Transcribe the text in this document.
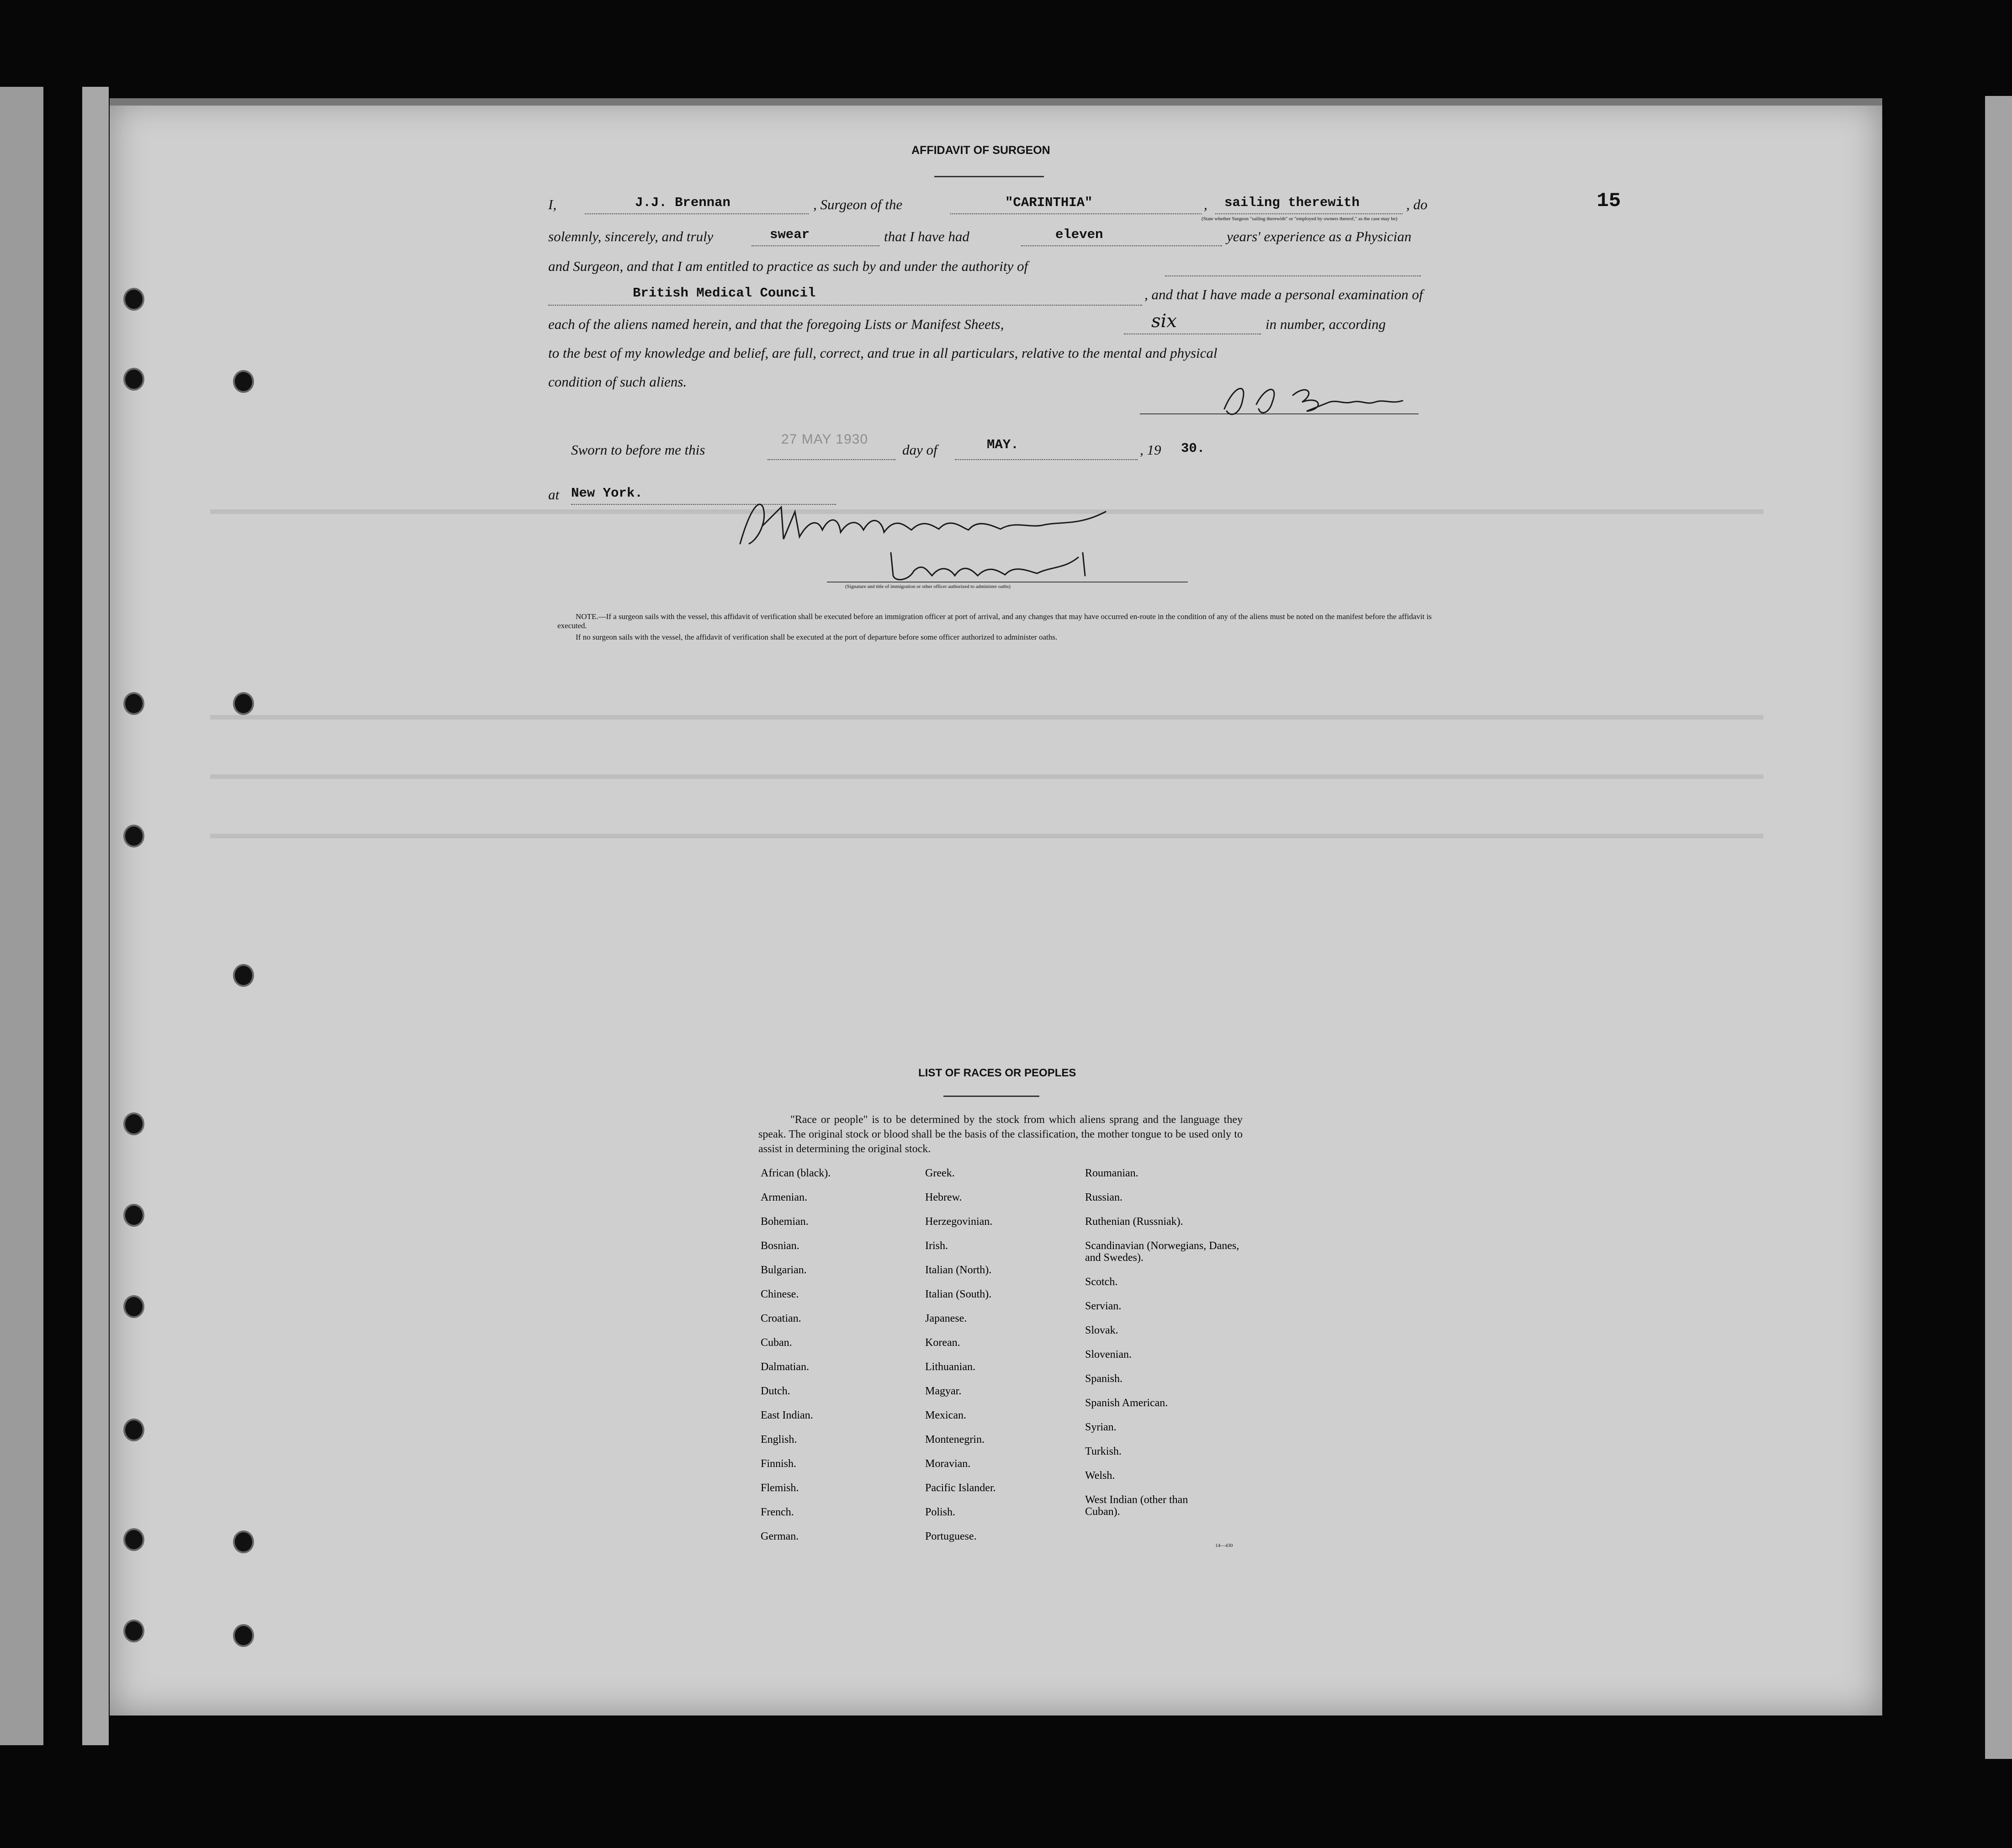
15
AFFIDAVIT OF SURGEON
I,	J.J. Brennan	, Surgeon of the	"CARINTHIA"	, sailing therewith	, do
(State whether Surgeon "sailing therewith" or "employed by owners thereof," as the case may be)
solemnly, sincerely, and truly	swear	that I have had	eleven	years' experience as a Physician
and Surgeon, and that I am entitled to practice as such by and under the authority of
British Medical Council	, and that I have made a personal examination of
each of the aliens named herein, and that the foregoing Lists or Manifest Sheets,	six	in number, according
to the best of my knowledge and belief, are full, correct, and true in all particulars, relative to the mental and physical
condition of such aliens.
Sworn to before me this
27 MAY 1930
day of	MAY.	, 19 30.
at New York.
(Signature and title of immigration or other officer authorized to administer oaths)
NOTE.—If a surgeon sails with the vessel, this affidavit of verification shall be executed before an immigration officer at port of arrival, and any changes that may have occurred en-route in the condition of any of the aliens must be noted on the manifest before the affidavit is executed.
If no surgeon sails with the vessel, the affidavit of verification shall be executed at the port of departure before some officer authorized to administer oaths.
LIST OF RACES OR PEOPLES
"Race or people" is to be determined by the stock from which aliens sprang and the language they speak. The original stock or blood shall be the basis of the classification, the mother tongue to be used only to assist in determining the original stock.
African (black).
Armenian.
Bohemian.
Bosnian.
Bulgarian.
Chinese.
Croatian.
Cuban.
Dalmatian.
Dutch.
East Indian.
English.
Finnish.
Flemish.
French.
German.
Greek.
Hebrew.
Herzegovinian.
Irish.
Italian (North).
Italian (South).
Japanese.
Korean.
Lithuanian.
Magyar.
Mexican.
Montenegrin.
Moravian.
Pacific Islander.
Polish.
Portuguese.
Roumanian.
Russian.
Ruthenian (Russniak).
Scandinavian (Norwegians, Danes, and Swedes).
Scotch.
Servian.
Slovak.
Slovenian.
Spanish.
Spanish American.
Syrian.
Turkish.
Welsh.
West Indian (other than Cuban).
14—430
